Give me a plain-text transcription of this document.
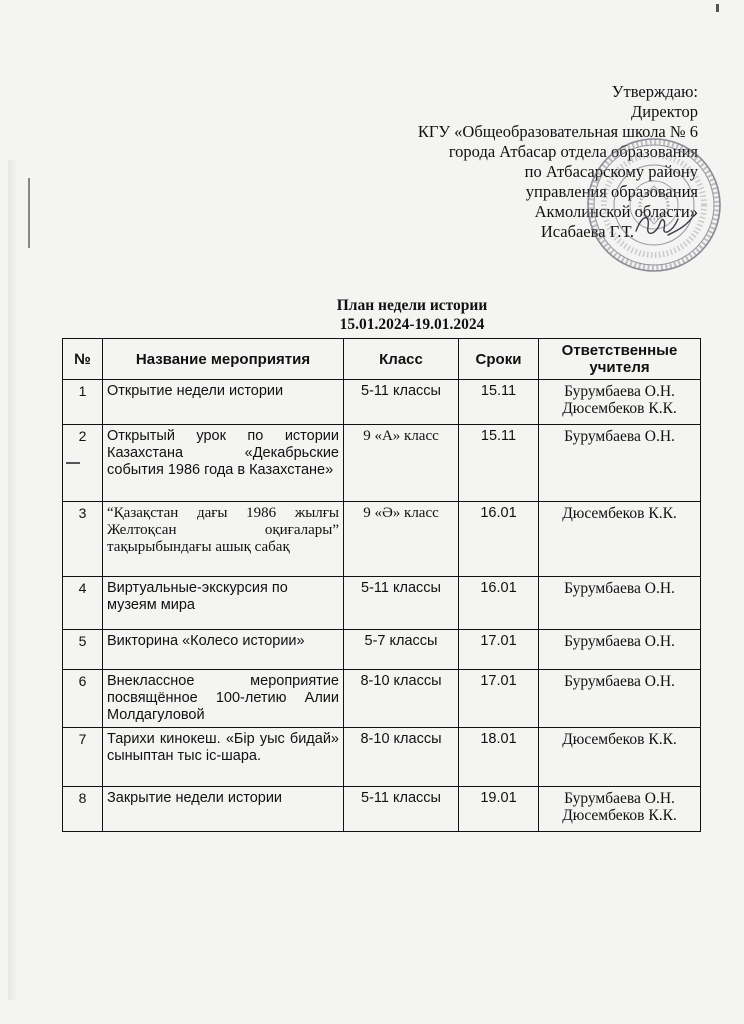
Утверждаю:
Директор
КГУ «Общеобразовательная школа № 6
города Атбасар отдела образования
по Атбасарскому району
управления образования
Акмолинской области»
Исабаева Г.Т.
План недели истории
15.01.2024-19.01.2024
№	Название мероприятия	Класс	Сроки	Ответственные учителя
1	Открытие недели истории	5-11 классы	15.11	Бурумбаева О.Н.
Дюсембеков К.К.

2	Открытый урок по истории Казахстана «Декабрьские события 1986 года в Казахстане»	9 «А» класс	15.11	Бурумбаева О.Н.

3	“Қазақстан дағы 1986 жылғы Желтоқсан оқиғалары” тақырыбындағы ашық сабақ	9 «Ә» класс	16.01	Дюсембеков К.К.

4	Виртуальные-экскурсия по музеям мира	5-11 классы	16.01	Бурумбаева О.Н.

5	Викторина «Колесо истории»	5-7 классы	17.01	Бурумбаева О.Н.

6	Внеклассное мероприятие посвящённое 100-летию Алии Молдагуловой	8-10 классы	17.01	Бурумбаева О.Н.

7	Тарихи кинокеш. «Бір уыс бидай» сыныптан тыс іс-шара.	8-10 классы	18.01	Дюсембеков К.К.

8	Закрытие недели истории	5-11 классы	19.01	Бурумбаева О.Н.
Дюсембеков К.К.
